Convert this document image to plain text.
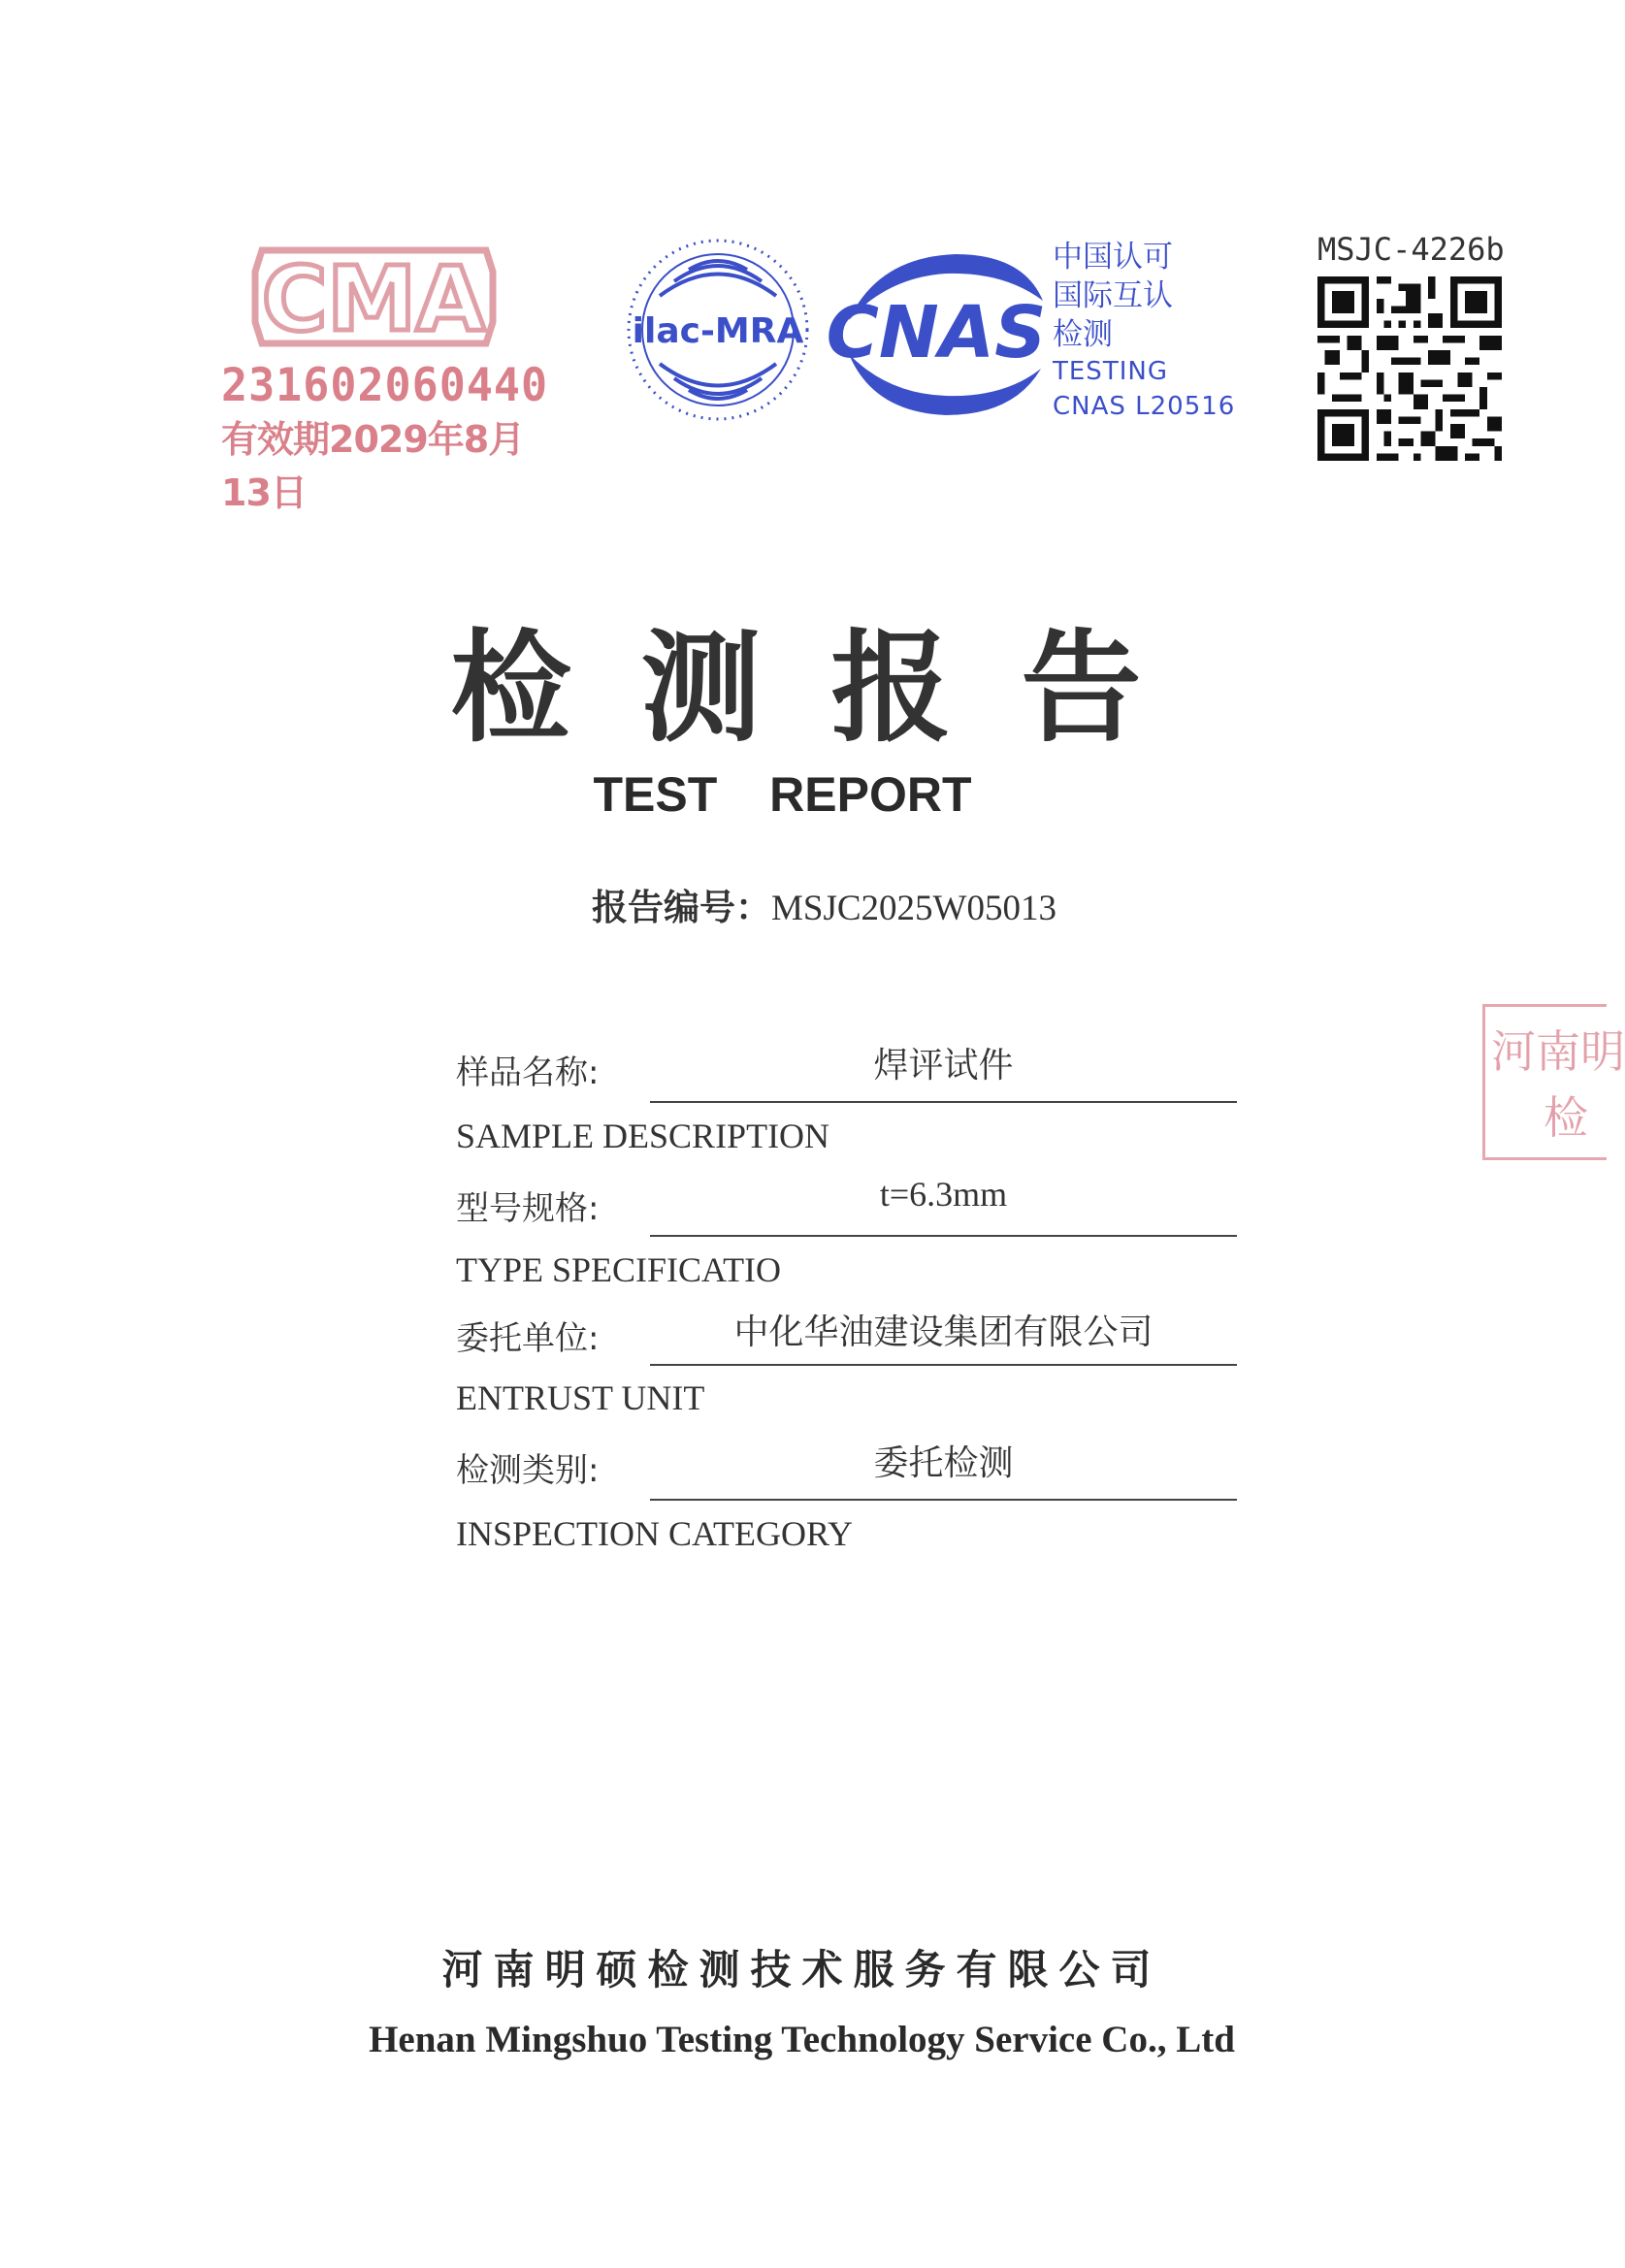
CMA
231602060440
有效期2029年8月13日
ilac-MRA CNAS
中国认可
国际互认
检测
TESTING
CNAS L20516
MSJC-4226b
检测报告
TEST REPORT
报告编号：MSJC2025W05013
样品名称:	焊评试件
SAMPLE DESCRIPTION
型号规格:	t=6.3mm
TYPE SPECIFICATIO
委托单位:	中化华油建设集团有限公司
ENTRUST UNIT
检测类别:	委托检测
INSPECTION CATEGORY
河南明
检
河南明硕检测技术服务有限公司
Henan Mingshuo Testing Technology Service Co., Ltd
